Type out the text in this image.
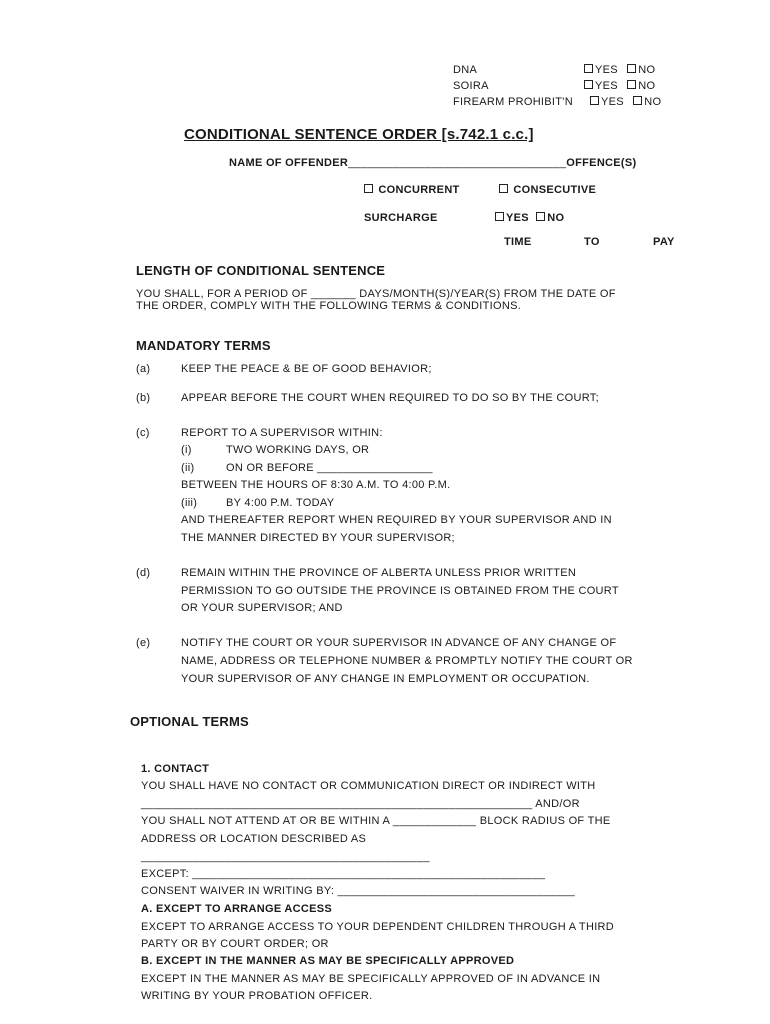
DNA	YES NO
SOIRA	YES NO
FIREARM PROHIBIT'N	YES NO
CONDITIONAL SENTENCE ORDER [s.742.1 c.c.]
NAME OF OFFENDER__________________________________OFFENCE(S)
CONCURRENT	CONSECUTIVE
SURCHARGE	YES NO
TIME	TO	PAY
LENGTH OF CONDITIONAL SENTENCE
YOU SHALL, FOR A PERIOD OF _______ DAYS/MONTH(S)/YEAR(S) FROM THE DATE OF
THE ORDER, COMPLY WITH THE FOLLOWING TERMS & CONDITIONS.
MANDATORY TERMS
(a)	KEEP THE PEACE & BE OF GOOD BEHAVIOR;
(b)	APPEAR BEFORE THE COURT WHEN REQUIRED TO DO SO BY THE COURT;
(c)	REPORT TO A SUPERVISOR WITHIN:
(i)	TWO WORKING DAYS, OR
(ii)	ON OR BEFORE __________________
BETWEEN THE HOURS OF 8:30 A.M. TO 4:00 P.M.
(iii)	BY 4:00 P.M. TODAY
AND THEREAFTER REPORT WHEN REQUIRED BY YOUR SUPERVISOR AND IN
THE MANNER DIRECTED BY YOUR SUPERVISOR;
(d)	REMAIN WITHIN THE PROVINCE OF ALBERTA UNLESS PRIOR WRITTEN
PERMISSION TO GO OUTSIDE THE PROVINCE IS OBTAINED FROM THE COURT
OR YOUR SUPERVISOR; AND
(e)	NOTIFY THE COURT OR YOUR SUPERVISOR IN ADVANCE OF ANY CHANGE OF
NAME, ADDRESS OR TELEPHONE NUMBER & PROMPTLY NOTIFY THE COURT OR
YOUR SUPERVISOR OF ANY CHANGE IN EMPLOYMENT OR OCCUPATION.
OPTIONAL TERMS
1. CONTACT
YOU SHALL HAVE NO CONTACT OR COMMUNICATION DIRECT OR INDIRECT WITH
_____________________________________________________________ AND/OR
YOU SHALL NOT ATTEND AT OR BE WITHIN A _____________ BLOCK RADIUS OF THE
ADDRESS OR LOCATION DESCRIBED AS
_____________________________________________
EXCEPT: _______________________________________________________
CONSENT WAIVER IN WRITING BY: _____________________________________
A. EXCEPT TO ARRANGE ACCESS
EXCEPT TO ARRANGE ACCESS TO YOUR DEPENDENT CHILDREN THROUGH A THIRD
PARTY OR BY COURT ORDER; OR
B. EXCEPT IN THE MANNER AS MAY BE SPECIFICALLY APPROVED
EXCEPT IN THE MANNER AS MAY BE SPECIFICALLY APPROVED OF IN ADVANCE IN
WRITING BY YOUR PROBATION OFFICER.
